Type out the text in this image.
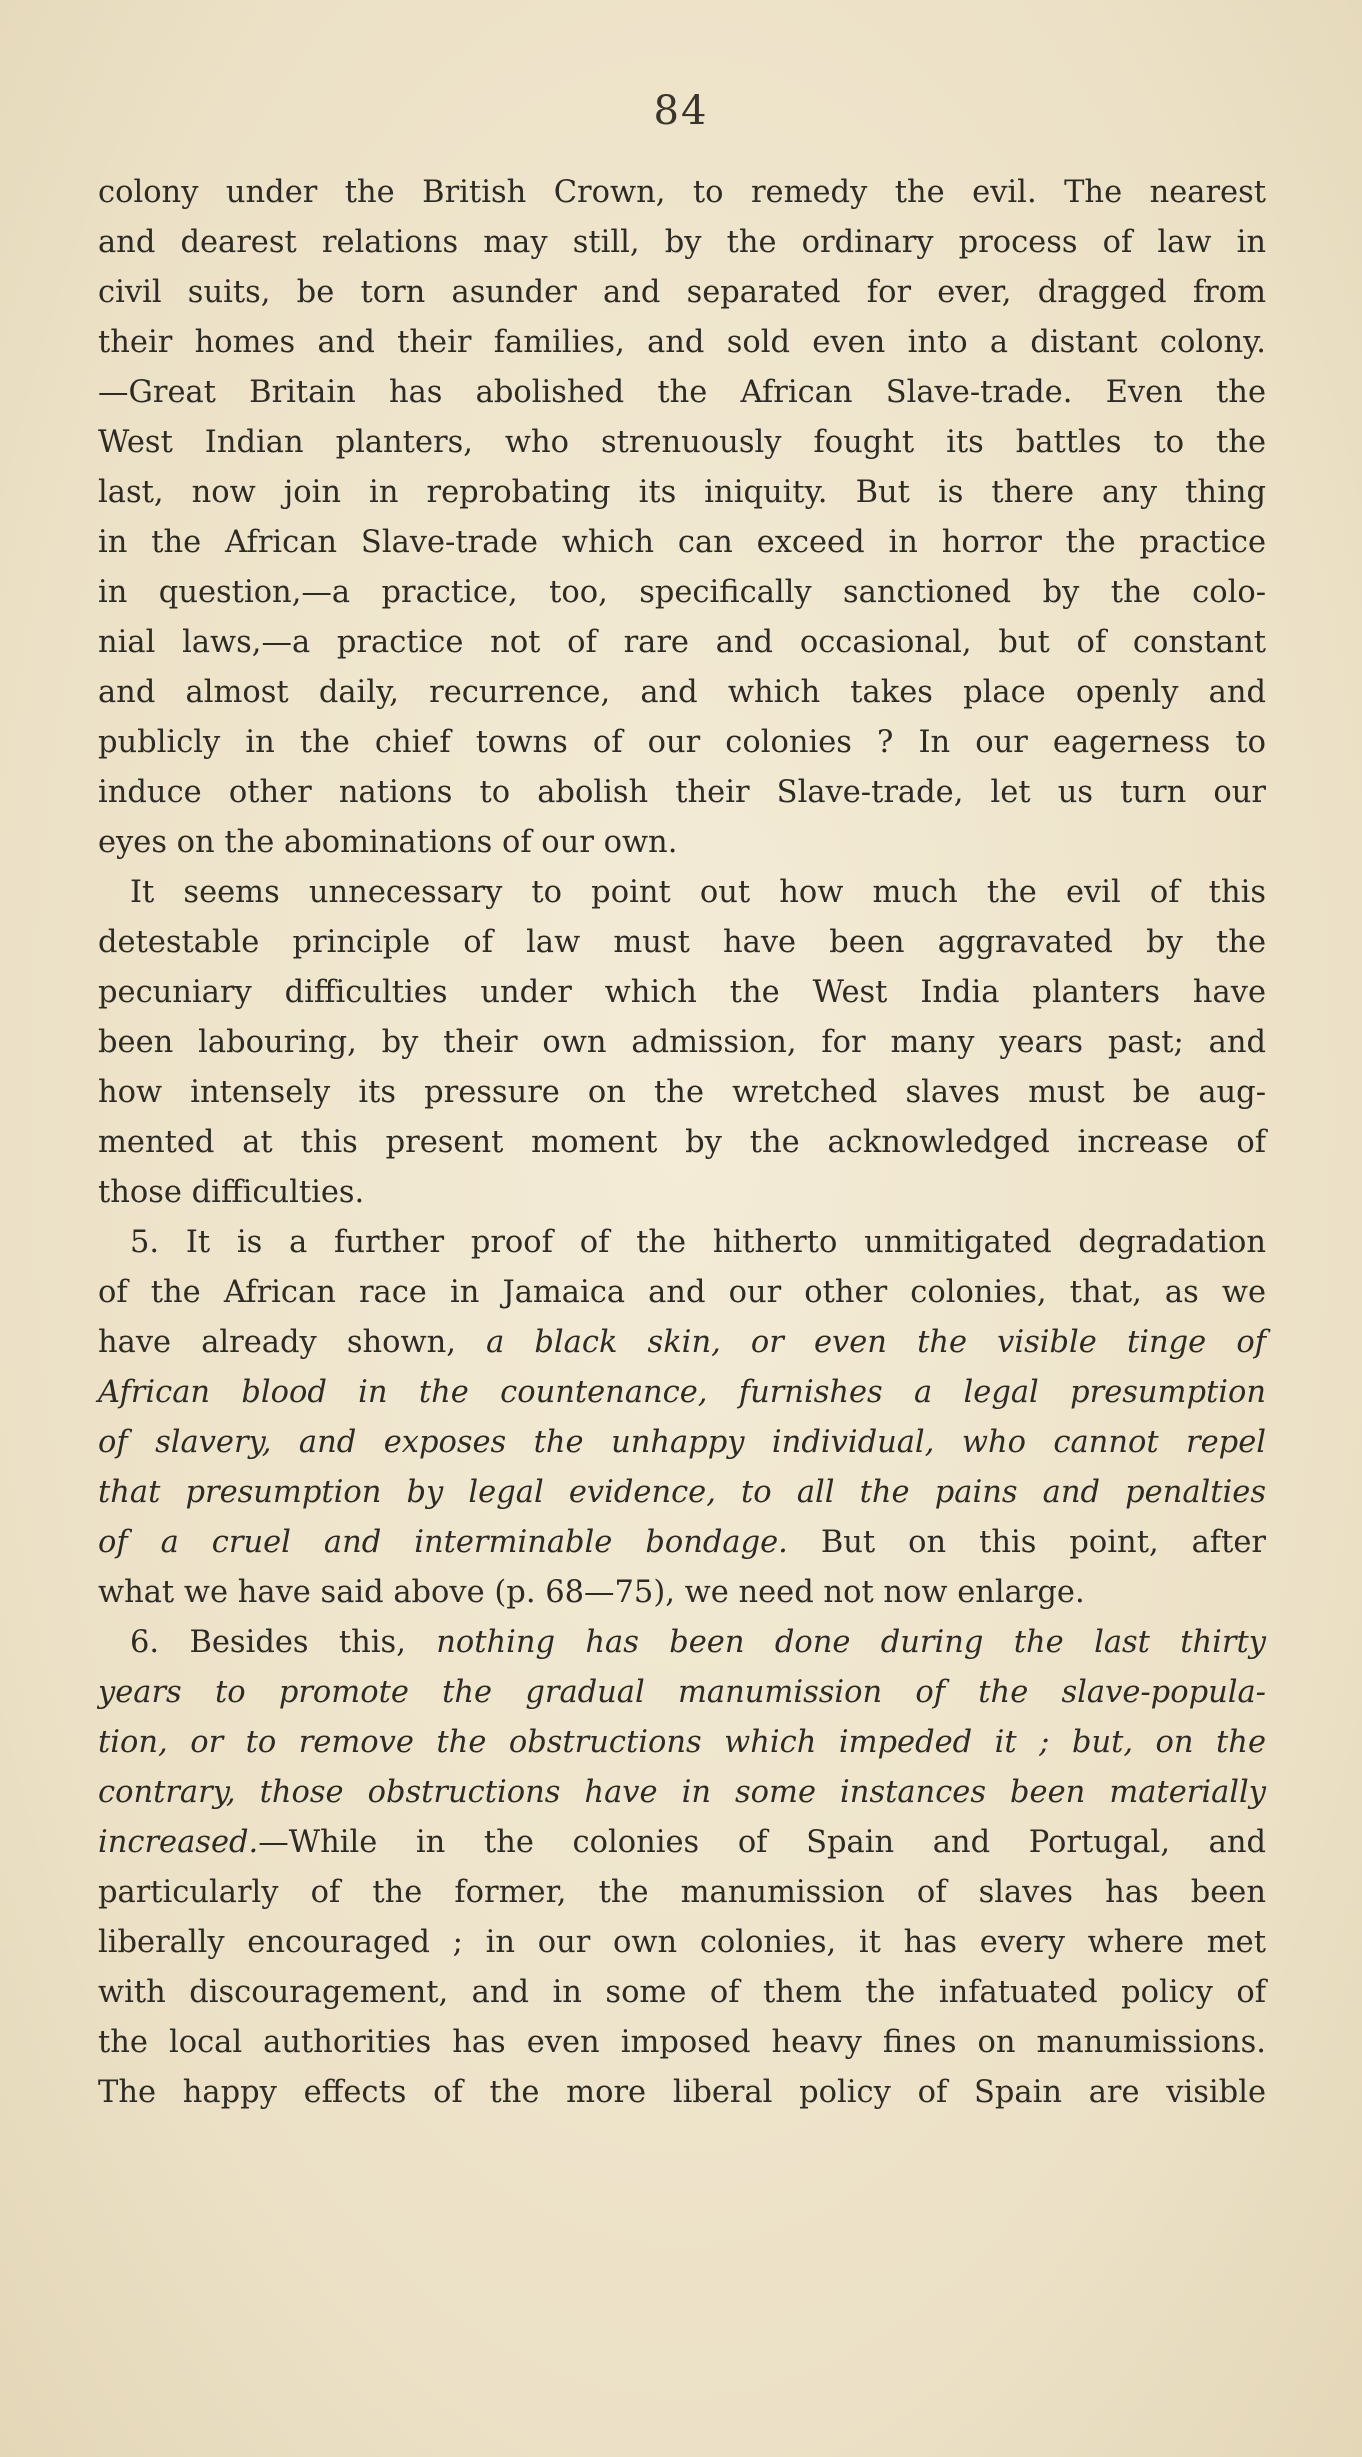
84
colony under the British Crown, to remedy the evil. The nearest
and dearest relations may still, by the ordinary process of law in
civil suits, be torn asunder and separated for ever, dragged from
their homes and their families, and sold even into a distant colony.
—Great Britain has abolished the African Slave-trade. Even the
West Indian planters, who strenuously fought its battles to the
last, now join in reprobating its iniquity. But is there any thing
in the African Slave-trade which can exceed in horror the practice
in question,—a practice, too, specifically sanctioned by the colo-
nial laws,—a practice not of rare and occasional, but of constant
and almost daily, recurrence, and which takes place openly and
publicly in the chief towns of our colonies ? In our eagerness to
induce other nations to abolish their Slave-trade, let us turn our
eyes on the abominations of our own.
It seems unnecessary to point out how much the evil of this
detestable principle of law must have been aggravated by the
pecuniary difficulties under which the West India planters have
been labouring, by their own admission, for many years past; and
how intensely its pressure on the wretched slaves must be aug-
mented at this present moment by the acknowledged increase of
those difficulties.
5. It is a further proof of the hitherto unmitigated degradation
of the African race in Jamaica and our other colonies, that, as we
have already shown, a black skin, or even the visible tinge of
African blood in the countenance, furnishes a legal presumption
of slavery, and exposes the unhappy individual, who cannot repel
that presumption by legal evidence, to all the pains and penalties
of a cruel and interminable bondage. But on this point, after
what we have said above (p. 68—75), we need not now enlarge.
6. Besides this, nothing has been done during the last thirty
years to promote the gradual manumission of the slave-popula-
tion, or to remove the obstructions which impeded it ; but, on the
contrary, those obstructions have in some instances been materially
increased.—While in the colonies of Spain and Portugal, and
particularly of the former, the manumission of slaves has been
liberally encouraged ; in our own colonies, it has every where met
with discouragement, and in some of them the infatuated policy of
the local authorities has even imposed heavy fines on manumissions.
The happy effects of the more liberal policy of Spain are visible
